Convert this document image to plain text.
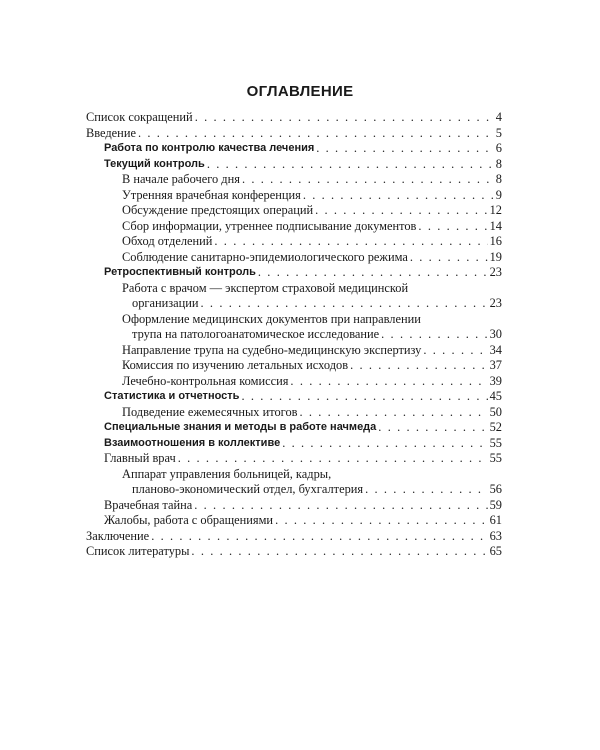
ОГЛАВЛЕНИЕ
Список сокращений . . .	4
Введение . . .	5
Работа по контролю качества лечения . . .	6
Текущий контроль . . .	8
В начале рабочего дня . . .	8
Утренняя врачебная конференция . . .	9
Обсуждение предстоящих операций . . .	12
Сбор информации, утреннее подписывание документов . . .	14
Обход отделений . . .	16
Соблюдение санитарно-эпидемиологического режима . . .	19
Ретроспективный контроль . . .	23
Работа с врачом — экспертом страховой медицинской
организации . . .	23
Оформление медицинских документов при направлении
трупа на патологоанатомическое исследование . . .	30
Направление трупа на судебно-медицинскую экспертизу . . .	34
Комиссия по изучению летальных исходов . . .	37
Лечебно-контрольная комиссия . . .	39
Статистика и отчетность . . .	45
Подведение ежемесячных итогов . . .	50
Специальные знания и методы в работе начмеда . . .	52
Взаимоотношения в коллективе . . .	55
Главный врач . . .	55
Аппарат управления больницей, кадры,
планово-экономический отдел, бухгалтерия . . .	56
Врачебная тайна . . .	59
Жалобы, работа с обращениями . . .	61
Заключение . . .	63
Список литературы . . .	65
